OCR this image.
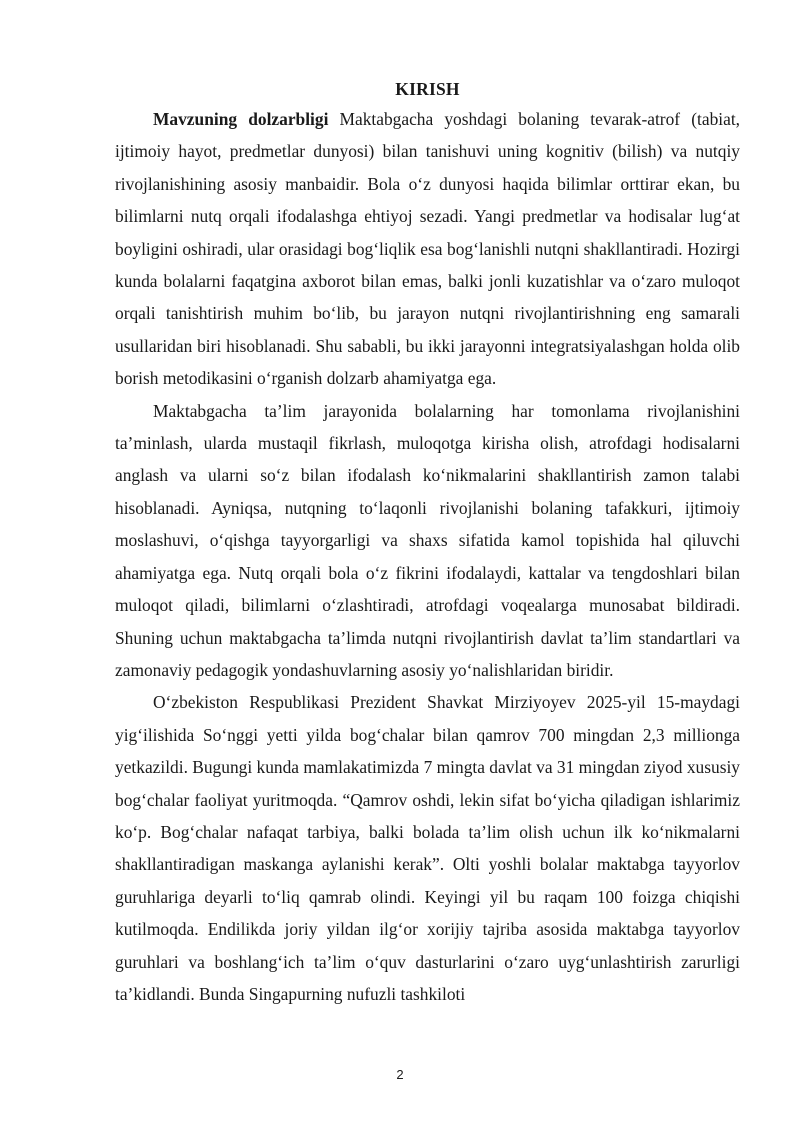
KIRISH

Mavzuning dolzarbligi Maktabgacha yoshdagi bolaning tevarak-atrof (tabiat, ijtimoiy hayot, predmetlar dunyosi) bilan tanishuvi uning kognitiv (bilish) va nutqiy rivojlanishining asosiy manbaidir. Bola oʻz dunyosi haqida bilimlar orttirar ekan, bu bilimlarni nutq orqali ifodalashga ehtiyoj sezadi. Yangi predmetlar va hodisalar lugʻat boyligini oshiradi, ular orasidagi bogʻliqlik esa bogʻlanishli nutqni shakllantiradi. Hozirgi kunda bolalarni faqatgina axborot bilan emas, balki jonli kuzatishlar va oʻzaro muloqot orqali tanishtirish muhim boʻlib, bu jarayon nutqni rivojlantirishning eng samarali usullaridan biri hisoblanadi. Shu sababli, bu ikki jarayonni integratsiyalashgan holda olib borish metodikasini oʻrganish dolzarb ahamiyatga ega.

Maktabgacha taʼlim jarayonida bolalarning har tomonlama rivojlanishini taʼminlash, ularda mustaqil fikrlash, muloqotga kirisha olish, atrofdagi hodisalarni anglash va ularni soʻz bilan ifodalash koʻnikmalarini shakllantirish zamon talabi hisoblanadi. Ayniqsa, nutqning toʻlaqonli rivojlanishi bolaning tafakkuri, ijtimoiy moslashuvi, oʻqishga tayyorgarligi va shaxs sifatida kamol topishida hal qiluvchi ahamiyatga ega. Nutq orqali bola oʻz fikrini ifodalaydi, kattalar va tengdoshlari bilan muloqot qiladi, bilimlarni oʻzlashtiradi, atrofdagi voqealarga munosabat bildiradi. Shuning uchun maktabgacha taʼlimda nutqni rivojlantirish davlat taʼlim standartlari va zamonaviy pedagogik yondashuvlarning asosiy yoʻnalishlaridan biridir.

Oʻzbekiston Respublikasi Prezident Shavkat Mirziyoyev 2025-yil 15-maydagi yigʻilishida Soʻnggi yetti yilda bogʻchalar bilan qamrov 700 mingdan 2,3 millionga yetkazildi. Bugungi kunda mamlakatimizda 7 mingta davlat va 31 mingdan ziyod xususiy bogʻchalar faoliyat yuritmoqda. “Qamrov oshdi, lekin sifat boʻyicha qiladigan ishlarimiz koʻp. Bogʻchalar nafaqat tarbiya, balki bolada taʼlim olish uchun ilk koʻnikmalarni shakllantiradigan maskanga aylanishi kerak”. Olti yoshli bolalar maktabga tayyorlov guruhlariga deyarli toʻliq qamrab olindi. Keyingi yil bu raqam 100 foizga chiqishi kutilmoqda. Endilikda joriy yildan ilgʻor xorijiy tajriba asosida maktabga tayyorlov guruhlari va boshlangʻich taʼlim oʻquv dasturlarini oʻzaro uygʻunlashtirish zarurligi taʼkidlandi. Bunda Singapurning nufuzli tashkiloti

2
